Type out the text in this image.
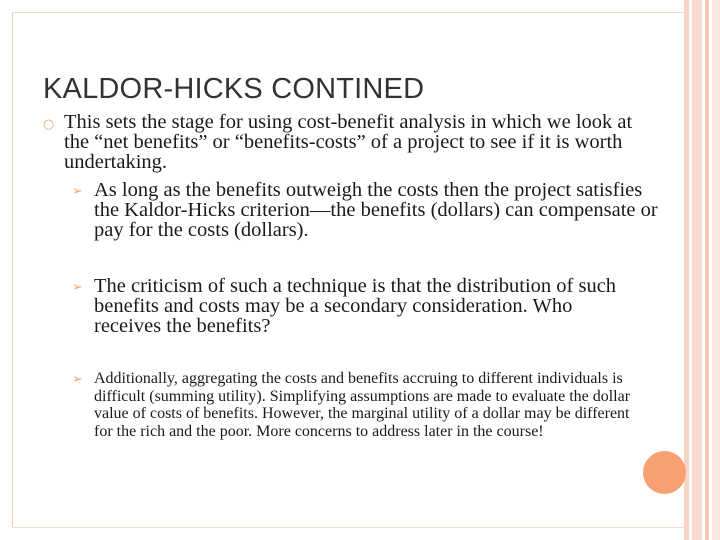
KALDOR-HICKS CONTINED
○ This sets the stage for using cost-benefit analysis in which we look at the “net benefits” or “benefits-costs” of a project to see if it is worth undertaking.

➢ As long as the benefits outweigh the costs then the project satisfies the Kaldor-Hicks criterion—the benefits (dollars) can compensate or pay for the costs (dollars).

➢ The criticism of such a technique is that the distribution of such benefits and costs may be a secondary consideration. Who receives the benefits?

➢ Additionally, aggregating the costs and benefits accruing to different individuals is difficult (summing utility). Simplifying assumptions are made to evaluate the dollar value of costs of benefits. However, the marginal utility of a dollar may be different for the rich and the poor. More concerns to address later in the course!
